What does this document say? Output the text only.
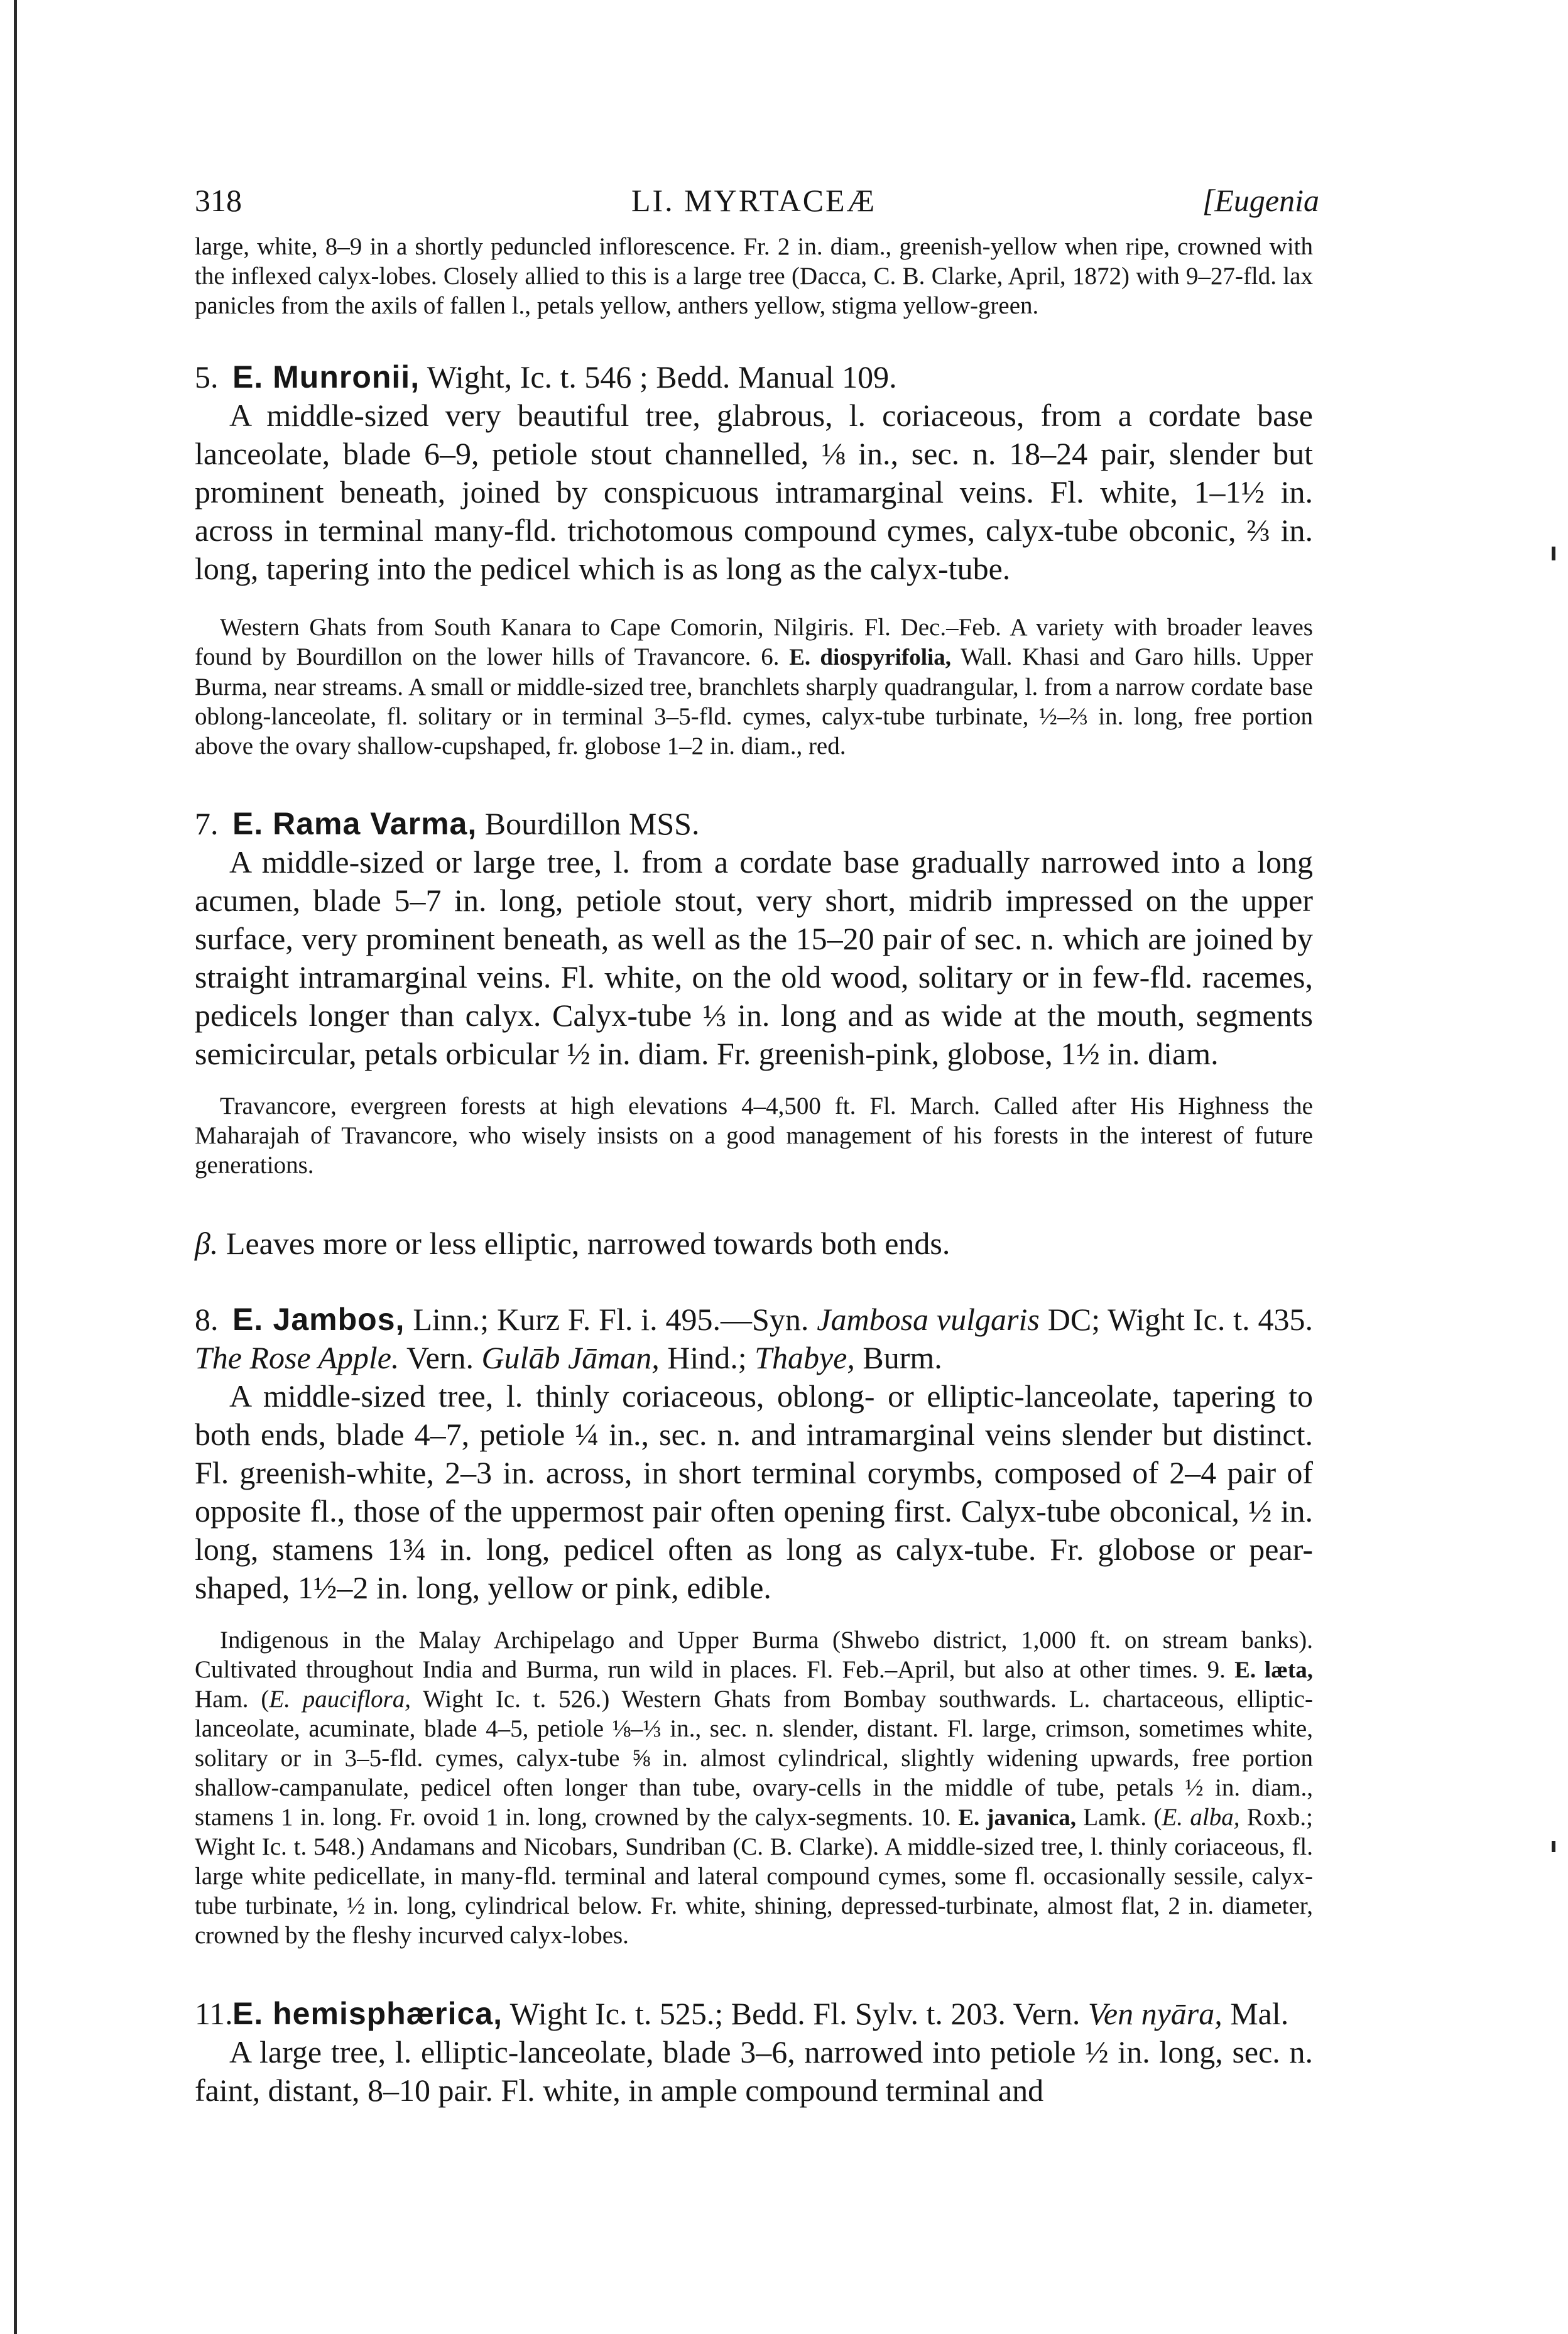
318	LI. MYRTACEÆ	[Eugenia

large, white, 8–9 in a shortly peduncled inflorescence. Fr. 2 in. diam., greenish-yellow when ripe, crowned with the inflexed calyx-lobes. Closely allied to this is a large tree (Dacca, C. B. Clarke, April, 1872) with 9–27-fld. lax panicles from the axils of fallen l., petals yellow, anthers yellow, stigma yellow-green.

5. E. Munronii, Wight, Ic. t. 546 ; Bedd. Manual 109.

A middle-sized very beautiful tree, glabrous, l. coriaceous, from a cordate base lanceolate, blade 6–9, petiole stout channelled, ⅛ in., sec. n. 18–24 pair, slender but prominent beneath, joined by conspicuous intramarginal veins. Fl. white, 1–1½ in. across in terminal many-fld. trichotomous compound cymes, calyx-tube obconic, ⅔ in. long, tapering into the pedicel which is as long as the calyx-tube.

Western Ghats from South Kanara to Cape Comorin, Nilgiris. Fl. Dec.–Feb. A variety with broader leaves found by Bourdillon on the lower hills of Travancore. 6. E. diospyrifolia, Wall. Khasi and Garo hills. Upper Burma, near streams. A small or middle-sized tree, branchlets sharply quadrangular, l. from a narrow cordate base oblong-lanceolate, fl. solitary or in terminal 3–5-fld. cymes, calyx-tube turbinate, ½–⅔ in. long, free portion above the ovary shallow-cupshaped, fr. globose 1–2 in. diam., red.

7. E. Rama Varma, Bourdillon MSS.

A middle-sized or large tree, l. from a cordate base gradually narrowed into a long acumen, blade 5–7 in. long, petiole stout, very short, midrib impressed on the upper surface, very prominent beneath, as well as the 15–20 pair of sec. n. which are joined by straight intramarginal veins. Fl. white, on the old wood, solitary or in few-fld. racemes, pedicels longer than calyx. Calyx-tube ⅓ in. long and as wide at the mouth, segments semicircular, petals orbicular ½ in. diam. Fr. greenish-pink, globose, 1½ in. diam.

Travancore, evergreen forests at high elevations 4–4,500 ft. Fl. March. Called after His Highness the Maharajah of Travancore, who wisely insists on a good management of his forests in the interest of future generations.

β. Leaves more or less elliptic, narrowed towards both ends.

8. E. Jambos, Linn.; Kurz F. Fl. i. 495.—Syn. Jambosa vulgaris DC; Wight Ic. t. 435. The Rose Apple. Vern. Gulāb Jāman, Hind.; Thabye, Burm.

A middle-sized tree, l. thinly coriaceous, oblong- or elliptic-lanceolate, tapering to both ends, blade 4–7, petiole ¼ in., sec. n. and intramarginal veins slender but distinct. Fl. greenish-white, 2–3 in. across, in short terminal corymbs, composed of 2–4 pair of opposite fl., those of the uppermost pair often opening first. Calyx-tube obconical, ½ in. long, stamens 1¾ in. long, pedicel often as long as calyx-tube. Fr. globose or pear-shaped, 1½–2 in. long, yellow or pink, edible.

Indigenous in the Malay Archipelago and Upper Burma (Shwebo district, 1,000 ft. on stream banks). Cultivated throughout India and Burma, run wild in places. Fl. Feb.–April, but also at other times. 9. E. læta, Ham. (E. pauciflora, Wight Ic. t. 526.) Western Ghats from Bombay southwards. L. chartaceous, elliptic-lanceolate, acuminate, blade 4–5, petiole ⅛–⅓ in., sec. n. slender, distant. Fl. large, crimson, sometimes white, solitary or in 3–5-fld. cymes, calyx-tube ⅝ in. almost cylindrical, slightly widening upwards, free portion shallow-campanulate, pedicel often longer than tube, ovary-cells in the middle of tube, petals ½ in. diam., stamens 1 in. long. Fr. ovoid 1 in. long, crowned by the calyx-segments. 10. E. javanica, Lamk. (E. alba, Roxb.; Wight Ic. t. 548.) Andamans and Nicobars, Sundriban (C. B. Clarke). A middle-sized tree, l. thinly coriaceous, fl. large white pedicellate, in many-fld. terminal and lateral compound cymes, some fl. occasionally sessile, calyx-tube turbinate, ½ in. long, cylindrical below. Fr. white, shining, depressed-turbinate, almost flat, 2 in. diameter, crowned by the fleshy incurved calyx-lobes.

11.E. hemisphærica, Wight Ic. t. 525.; Bedd. Fl. Sylv. t. 203. Vern. Ven nyāra, Mal.

A large tree, l. elliptic-lanceolate, blade 3–6, narrowed into petiole ½ in. long, sec. n. faint, distant, 8–10 pair. Fl. white, in ample compound terminal and
